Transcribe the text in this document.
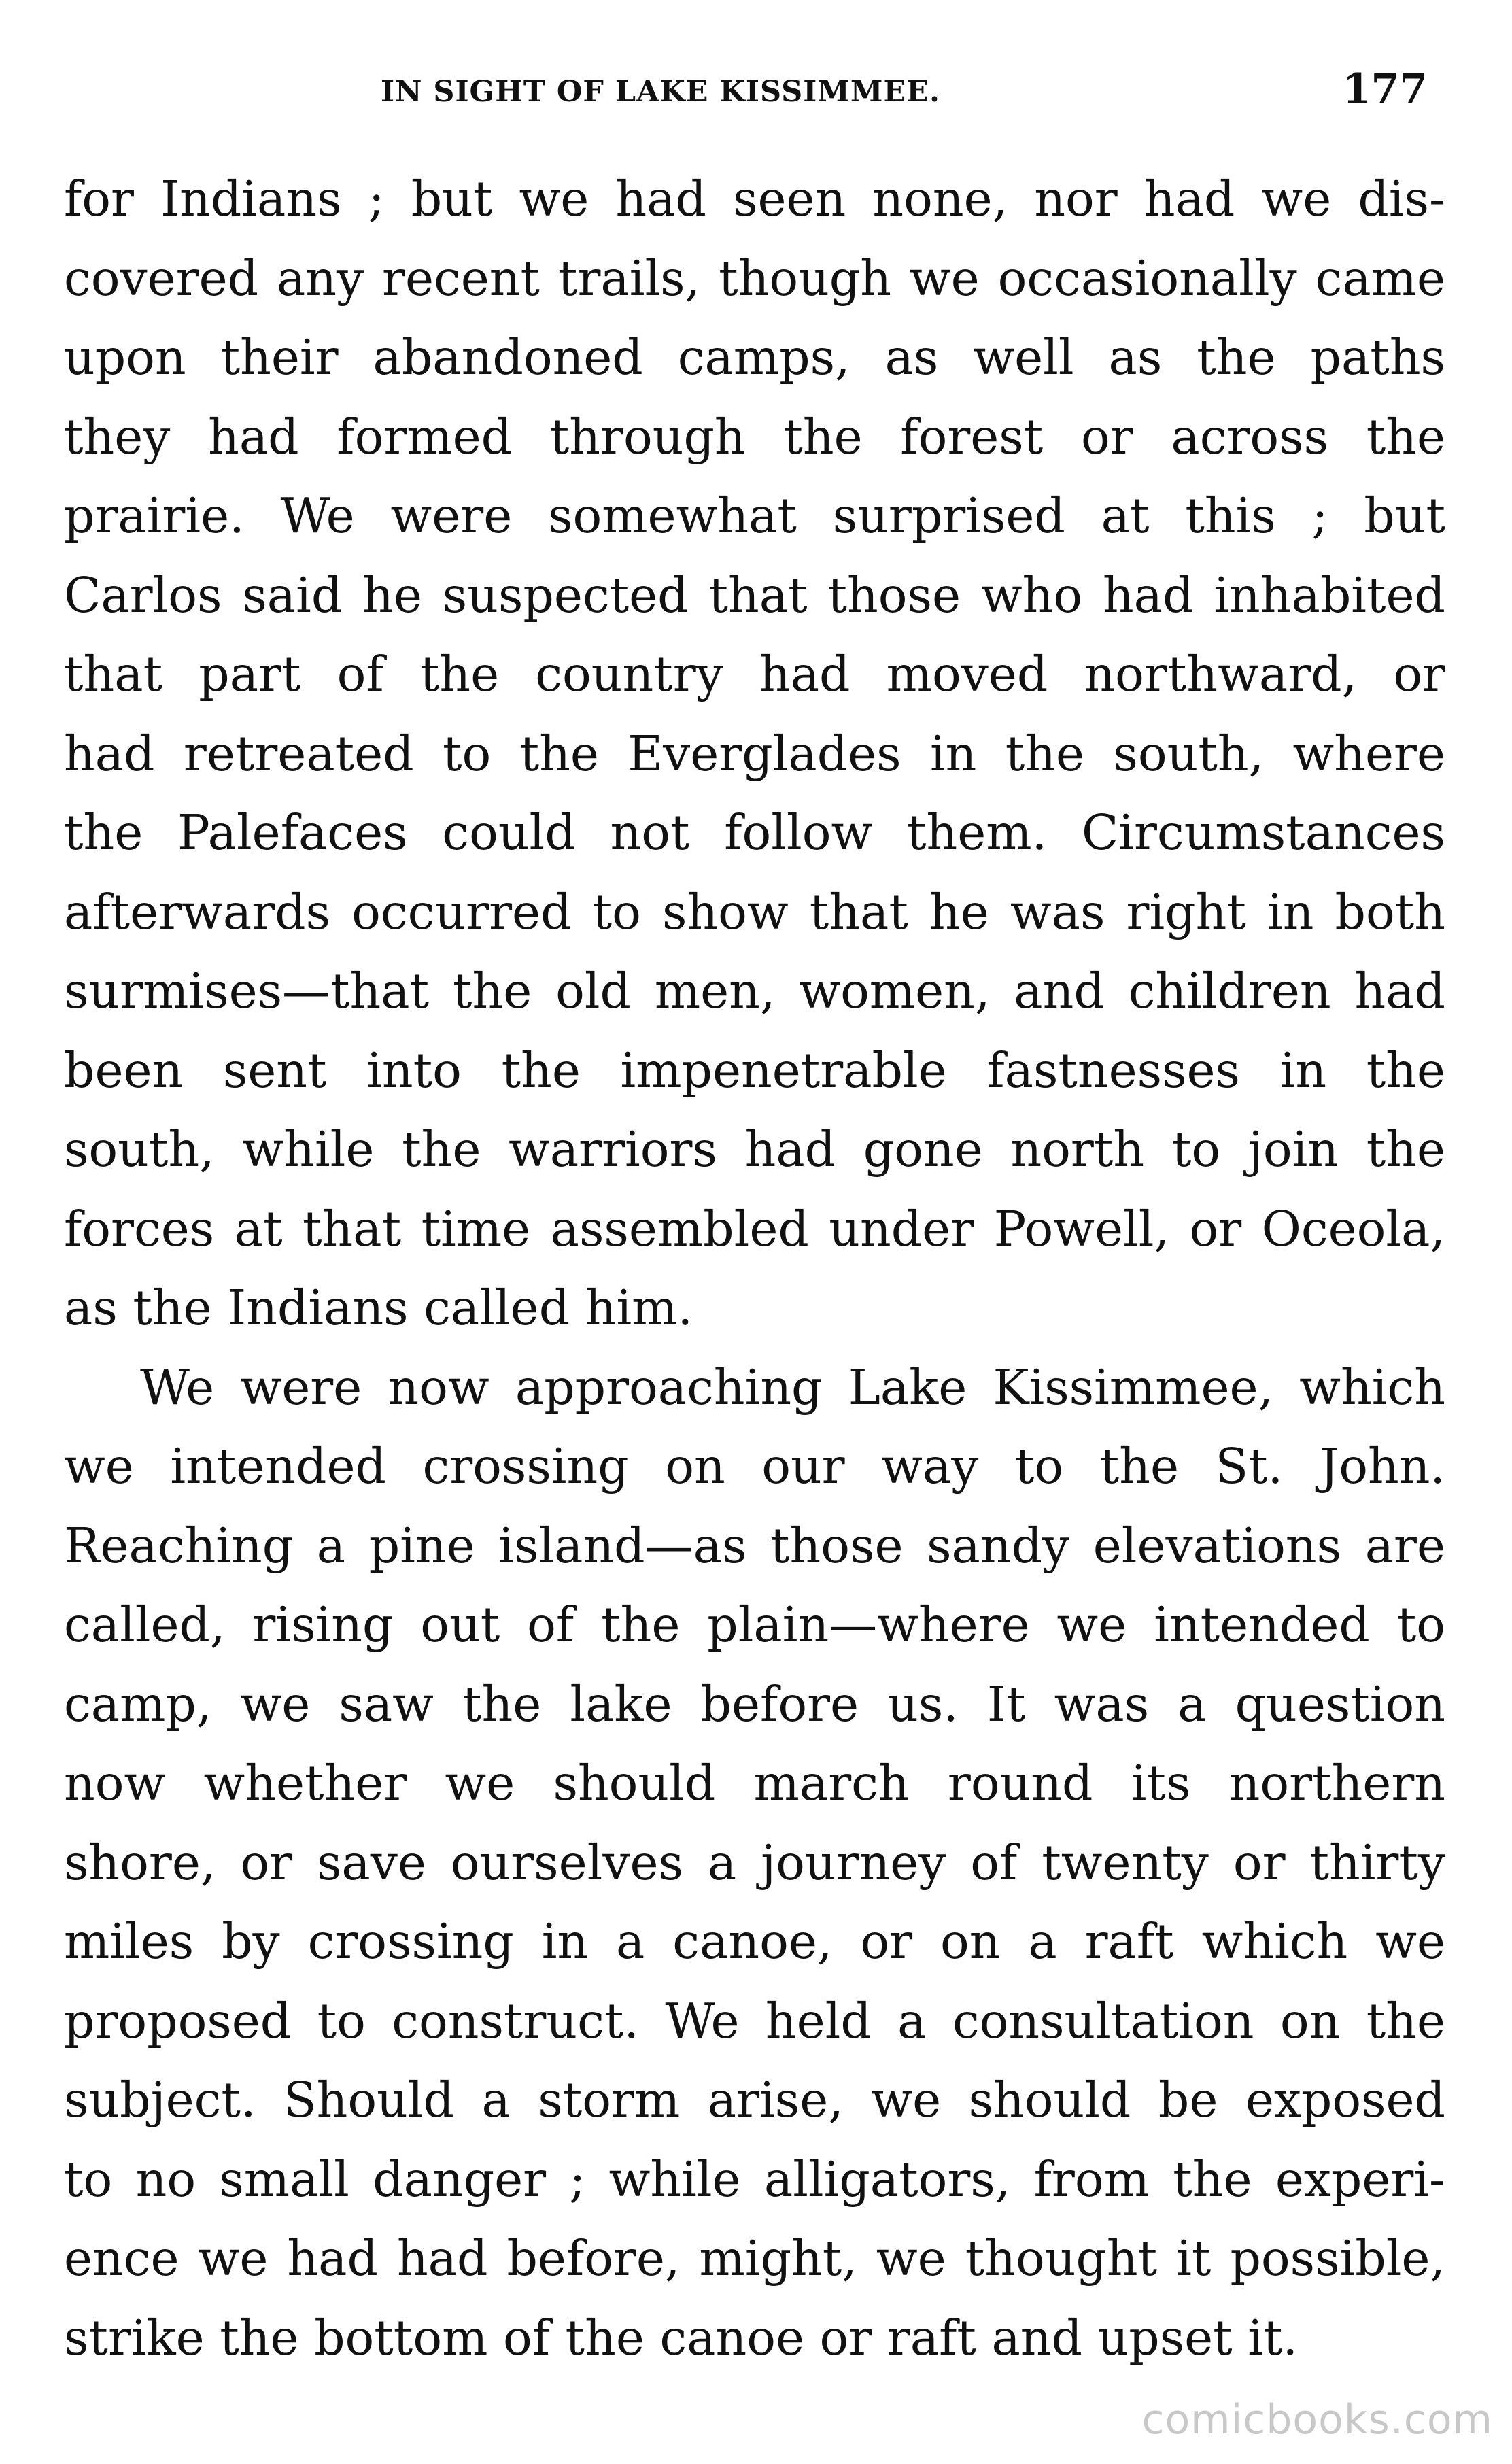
IN SIGHT OF LAKE KISSIMMEE.	177
for Indians ; but we had seen none, nor had we dis-
covered any recent trails, though we occasionally came
upon their abandoned camps, as well as the paths
they had formed through the forest or across the
prairie. We were somewhat surprised at this ; but
Carlos said he suspected that those who had inhabited
that part of the country had moved northward, or
had retreated to the Everglades in the south, where
the Palefaces could not follow them. Circumstances
afterwards occurred to show that he was right in both
surmises—that the old men, women, and children had
been sent into the impenetrable fastnesses in the
south, while the warriors had gone north to join the
forces at that time assembled under Powell, or Oceola,
as the Indians called him.
We were now approaching Lake Kissimmee, which
we intended crossing on our way to the St. John.
Reaching a pine island—as those sandy elevations are
called, rising out of the plain—where we intended to
camp, we saw the lake before us. It was a question
now whether we should march round its northern
shore, or save ourselves a journey of twenty or thirty
miles by crossing in a canoe, or on a raft which we
proposed to construct. We held a consultation on the
subject. Should a storm arise, we should be exposed
to no small danger ; while alligators, from the experi-
ence we had had before, might, we thought it possible,
strike the bottom of the canoe or raft and upset it.
comicbooks.com
